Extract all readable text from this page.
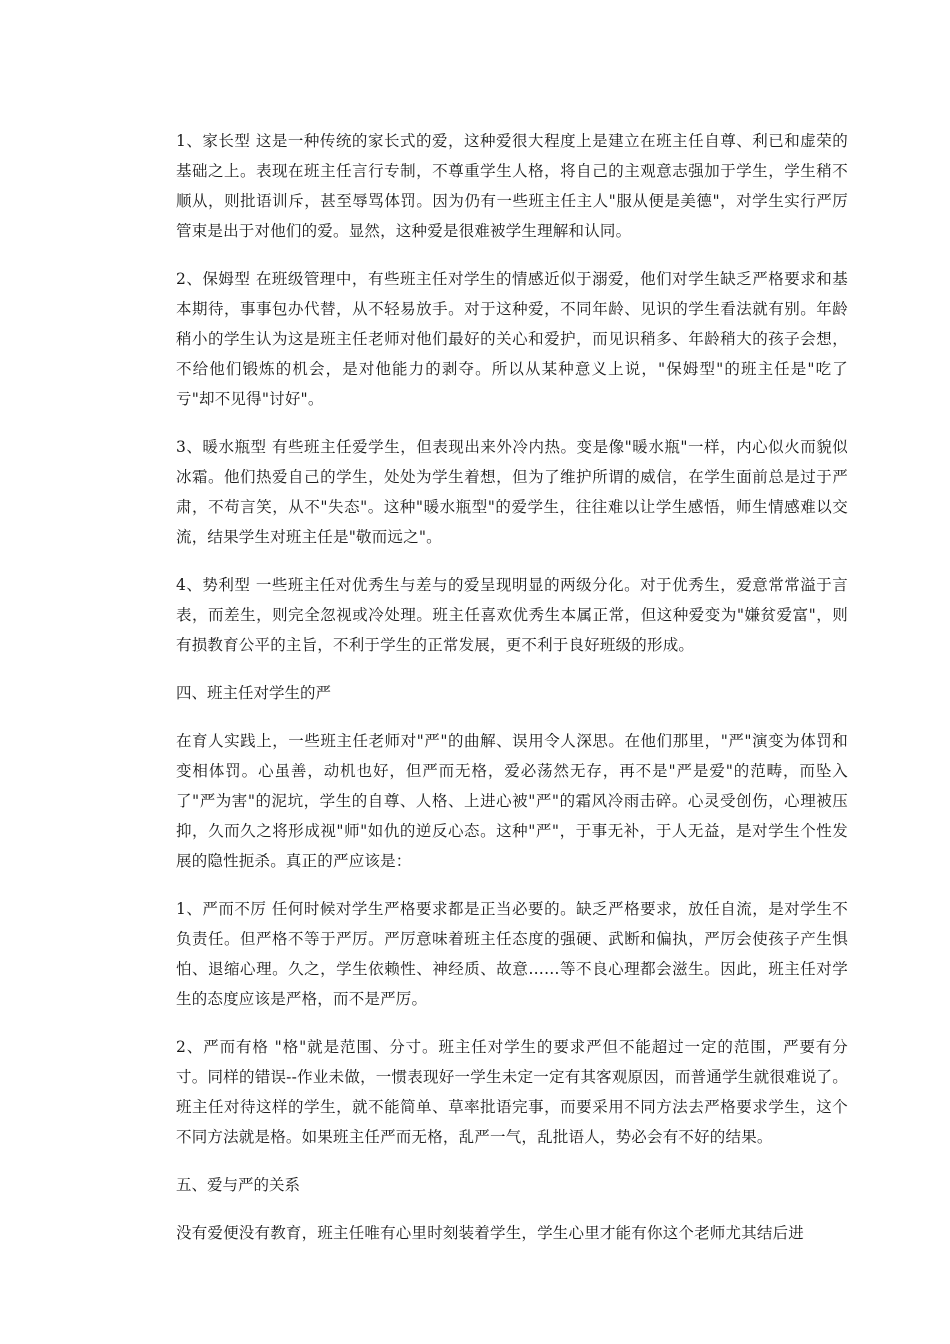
1、家长型 这是一种传统的家长式的爱，这种爱很大程度上是建立在班主任自尊、利已和虚荣的基础之上。表现在班主任言行专制，不尊重学生人格，将自己的主观意志强加于学生，学生稍不顺从，则批语训斥，甚至辱骂体罚。因为仍有一些班主任主人"服从便是美德"，对学生实行严厉管束是出于对他们的爱。显然，这种爱是很难被学生理解和认同。

2、保姆型 在班级管理中，有些班主任对学生的情感近似于溺爱，他们对学生缺乏严格要求和基本期待，事事包办代替，从不轻易放手。对于这种爱，不同年龄、见识的学生看法就有别。年龄稍小的学生认为这是班主任老师对他们最好的关心和爱护，而见识稍多、年龄稍大的孩子会想，不给他们锻炼的机会，是对他能力的剥夺。所以从某种意义上说，"保姆型"的班主任是"吃了亏"却不见得"讨好"。

3、暖水瓶型 有些班主任爱学生，但表现出来外冷内热。变是像"暖水瓶"一样，内心似火而貌似冰霜。他们热爱自己的学生，处处为学生着想，但为了维护所谓的威信，在学生面前总是过于严肃，不苟言笑，从不"失态"。这种"暖水瓶型"的爱学生，往往难以让学生感悟，师生情感难以交流，结果学生对班主任是"敬而远之"。

4、势利型 一些班主任对优秀生与差与的爱呈现明显的两级分化。对于优秀生，爱意常常溢于言表，而差生，则完全忽视或冷处理。班主任喜欢优秀生本属正常，但这种爱变为"嫌贫爱富"，则有损教育公平的主旨，不利于学生的正常发展，更不利于良好班级的形成。

四、班主任对学生的严

在育人实践上，一些班主任老师对"严"的曲解、误用令人深思。在他们那里，"严"演变为体罚和变相体罚。心虽善，动机也好，但严而无格，爱必荡然无存，再不是"严是爱"的范畴，而坠入了"严为害"的泥坑，学生的自尊、人格、上进心被"严"的霜风冷雨击碎。心灵受创伤，心理被压抑，久而久之将形成视"师"如仇的逆反心态。这种"严"，于事无补，于人无益，是对学生个性发展的隐性扼杀。真正的严应该是：

1、严而不厉 任何时候对学生严格要求都是正当必要的。缺乏严格要求，放任自流，是对学生不负责任。但严格不等于严厉。严厉意味着班主任态度的强硬、武断和偏执，严厉会使孩子产生惧怕、退缩心理。久之，学生依赖性、神经质、故意……等不良心理都会滋生。因此，班主任对学生的态度应该是严格，而不是严厉。

2、严而有格 "格"就是范围、分寸。班主任对学生的要求严但不能超过一定的范围，严要有分寸。同样的错误--作业未做，一惯表现好一学生未定一定有其客观原因，而普通学生就很难说了。班主任对待这样的学生，就不能简单、草率批语完事，而要采用不同方法去严格要求学生，这个不同方法就是格。如果班主任严而无格，乱严一气，乱批语人，势必会有不好的结果。

五、爱与严的关系

没有爱便没有教育，班主任唯有心里时刻装着学生，学生心里才能有你这个老师尤其结后进
